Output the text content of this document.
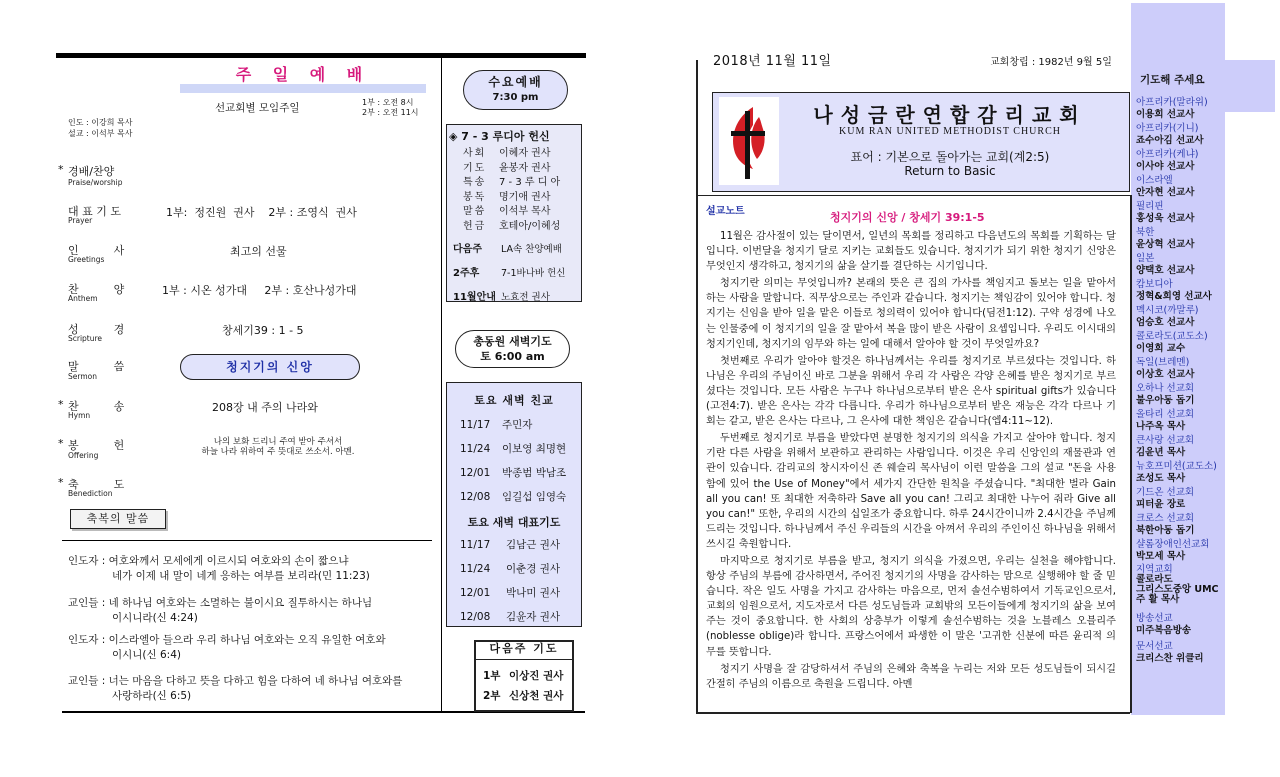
주 일 예 배
선교회별 모임주일	1부 : 오전 8시
2부 : 오전 11시
인도 : 이강희 목사
설교 : 이석부 목사
* 경배/찬양
Praise/worship
대 표 기 도
Prayer
1부:  정진원  권사    2부 : 조영식  권사
인          사
Greetings
최고의 선물
찬          양
Anthem
1부 : 시온 성가대     2부 : 호산나성가대
성          경
Scripture
창세기39 : 1 - 5
말          씀
Sermon
청지기의 신앙
* 찬          송
Hymn
208장 내 주의 나라와
* 봉          헌
Offering
나의 보화 드리니 주여 받아 주셔서
하늘 나라 위하여 주 뜻대로 쓰소서. 아멘.
* 축          도
Benediction
축복의 말씀
인도자 : 여호와께서 모세에게 이르시되 여호와의 손이 짧으냐
네가 이제 내 말이 네게 응하는 여부를 보리라(민 11:23)
교인들 : 네 하나님 여호와는 소멸하는 불이시요 질투하시는 하나님
이시니라(신 4:24)
인도자 : 이스라엘아 들으라 우리 하나님 여호와는 오직 유일한 여호와
이시니(신 6:4)
교인들 : 너는 마음을 다하고 뜻을 다하고 힘을 다하여 네 하나님 여호와를
사랑하라(신 6:5)
수요예배
7:30 pm
◈ 7 - 3 루디아 헌신
사회 이혜자 권사
기도 윤봉자 권사
특송 7 - 3 루 디 아
봉독 명기애 권사
말씀 이석부 목사
헌금 호테아/이혜성
다음주 LA속 찬양예배
2주후 7-1바나바 헌신
11월안내 노효전 권사
총동원 새벽기도
토 6:00 am
토요 새벽 친교
11/17 주민자
11/24 이보영 최명현
12/01 박종범 박남조
12/08 임길섭 임영숙
토요 새벽 대표기도
11/17 김남근 권사
11/24 이춘경 권사
12/01 박나미 권사
12/08 김윤자 권사
다음주 기도
1부 이상진 권사
2부 신상천 권사
2018년 11월 11일	교회창립 : 1982년 9월 5일
나성금란연합감리교회
KUM RAN UNITED METHODIST CHURCH
표어 : 기본으로 돌아가는 교회(계2:5)
Return to Basic
설교노트	청지기의 신앙 / 창세기 39:1-5

11월은 감사절이 있는 달이면서, 일년의 목회를 정리하고 다음년도의 목회를 기획하는 달입니다. 이번달을 청지기 달로 지키는 교회들도 있습니다. 청지기가 되기 위한 청지기 신앙은 무엇인지 생각하고, 청지기의 삶을 살기를 결단하는 시기입니다.

청지기란 의미는 무엇입니까? 본래의 뜻은 큰 집의 가사를 책임지고 돌보는 일을 맡아서 하는 사람을 말합니다. 직무상으로는 주인과 같습니다. 청지기는 책임감이 있어야 합니다. 청지기는 신임을 받아 일을 맡은 이들로 청의력이 있어야 합니다(딤전1:12). 구약 성경에 나오는 인물중에 이 청지기의 일을 잘 맡아서 복을 많이 받은 사람이 요셉입니다. 우리도 이시대의 청지기인데, 청지기의 임무와 하는 일에 대해서 알아야 할 것이 무엇일까요?

첫번째로 우리가 알아야 할것은 하나님께서는 우리를 청지기로 부르셨다는 것입니다. 하나님은 우리의 주님이신 바로 그분을 위해서 우리 각 사람은 각양 은혜를 받은 청지기로 부르셨다는 것입니다. 모든 사람은 누구나 하나님으로부터 받은 은사 spiritual gifts가 있습니다(고전4:7). 받은 은사는 각각 다릅니다. 우리가 하나님으로부터 받은 재능은 각각 다르나 기회는 같고, 받은 은사는 다르나, 그 은사에 대한 책임은 같습니다(엡4:11~12).

두번째로 청지기로 부름을 받았다면 분명한 청지기의 의식을 가지고 살아야 합니다. 청지기란 다른 사람을 위해서 보관하고 관리하는 사람입니다. 이것은 우리 신앙인의 재물관과 연관이 있습니다. 감리교의 창시자이신 존 웨슬리 목사님이 이런 말씀을 그의 설교 "돈을 사용함에 있어 the Use of Money"에서 세가지 간단한 원칙을 주셨습니다. "최대한 벌라 Gain all you can! 또 최대한 저축하라 Save all you can! 그리고 최대한 나누어 줘라 Give all you can!" 또한, 우리의 시간의 십일조가 중요합니다. 하루 24시간이니까 2.4시간을 주님께 드리는 것입니다. 하나님께서 주신 우리들의 시간을 아껴서 우리의 주인이신 하나님을 위해서 쓰시길 축원합니다.

마지막으로 청지기로 부름을 받고, 청지기 의식을 가졌으면, 우리는 실천을 해야합니다. 항상 주님의 부름에 감사하면서, 주어진 청지기의 사명을 감사하는 맘으로 실행해야 할 줄 믿습니다. 작은 일도 사명을 가지고 감사하는 마음으로, 먼저 솔선수범하여서 기독교인으로서, 교회의 임원으로서, 지도자로서 다른 성도님들과 교회밖의 모든이들에게 청지기의 삶을 보여주는 것이 중요합니다. 한 사회의 상층부가 이렇게 솔선수범하는 것을 노블레스 오블리주(noblesse oblige)라 합니다. 프랑스어에서 파생한 이 말은 '고귀한 신분에 따른 윤리적 의무를 뜻합니다.

청지기 사명을 잘 감당하셔서 주님의 은혜와 축복을 누리는 저와 모든 성도님들이 되시길 간절히 주님의 이름으로 축원을 드립니다. 아멘

기도해 주세요
아프리카(말라위)
이용희 선교사
아프리카(기니)
죠수아김 선교사
아프리카(케냐)
이사야 선교사
이스라엘
안자현 선교사
필리핀
홍성욱 선교사
북한
윤상혁 선교사
일본
양택호 선교사
캄보디아
정혁&희영 선교사
멕시코(까말루)
엄승호 선교사
콜로라도(교도소)
이영희 교수
독일(브레멘)
이상호 선교사
오하나 선교회
불우아동 돕기
올타리 선교회
나주옥 목사
큰사랑 선교회
김윤년 목사
뉴호프미션(교도소)
조성도 목사
기드온 선교회
피터윤 장로
크로스 선교회
북한아동 돕기
샬롬장애인선교회
박모세 목사
지역교회
콜로라도
그리스도중앙 UMC
주 활 목사
방송선교
미주복음방송
문서선교
크리스찬 위클리
